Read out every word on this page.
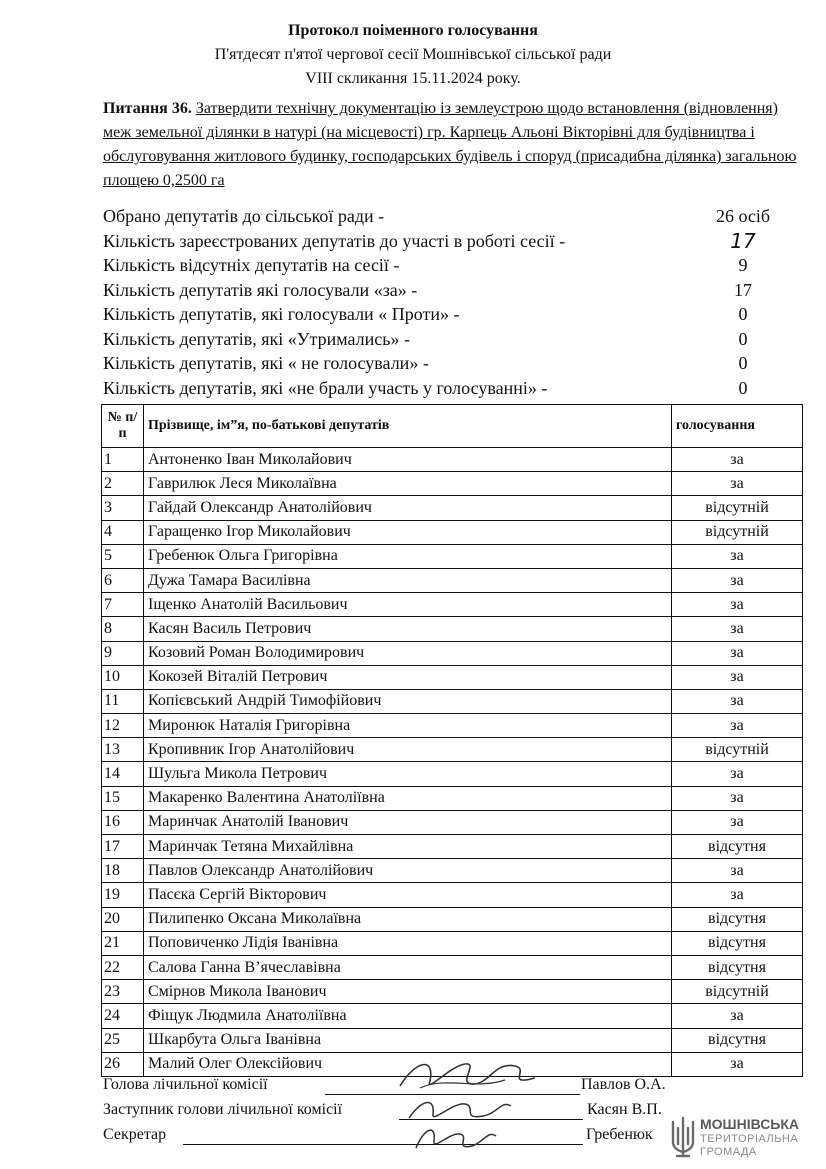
Протокол поіменного голосування
П'ятдесят п'ятої чергової сесії Мошнівської сільської ради
VIII скликання 15.11.2024 року.
Питання 36. Затвердити технічну документацію із землеустрою щодо встановлення (відновлення) меж земельної ділянки в натурі (на місцевості) гр. Карпець Альоні Вікторівні для будівництва і обслуговування житлового будинку, господарських будівель і споруд (присадибна ділянка) загальною площею 0,2500 га
Обрано депутатів до сільської ради -	26 осіб
Кількість зареєстрованих депутатів до участі в роботі сесії -	17
Кількість відсутніх депутатів на сесії -	9
Кількість депутатів які голосували «за» -	17
Кількість депутатів, які голосували « Проти» -	0
Кількість депутатів, які «Утримались» -	0
Кількість депутатів, які « не голосували» -	0
Кількість депутатів, які «не брали участь у голосуванні» -	0
№ п/п	Прізвище, ім”я, по-батькові депутатів	голосування
1	Антоненко Іван Миколайович	за
2	Гаврилюк Леся Миколаївна	за
3	Гайдай Олександр Анатолійович	відсутній
4	Гаращенко Ігор Миколайович	відсутній
5	Гребенюк Ольга Григорівна	за
6	Дужа Тамара Василівна	за
7	Іщенко Анатолій Васильович	за
8	Касян Василь Петрович	за
9	Козовий Роман Володимирович	за
10	Кокозей Віталій Петрович	за
11	Копієвський Андрій Тимофійович	за
12	Миронюк Наталія Григорівна	за
13	Кропивник Ігор Анатолійович	відсутній
14	Шульга Микола Петрович	за
15	Макаренко Валентина Анатоліївна	за
16	Маринчак Анатолій Іванович	за
17	Маринчак Тетяна Михайлівна	відсутня
18	Павлов Олександр Анатолійович	за
19	Пасєка Сергій Вікторович	за
20	Пилипенко Оксана Миколаївна	відсутня
21	Поповиченко Лідія Іванівна	відсутня
22	Салова Ганна В’ячеславівна	відсутня
23	Смірнов Микола Іванович	відсутній
24	Фіщук Людмила Анатоліївна	за
25	Шкарбута Ольга Іванівна	відсутня
26	Малий Олег Олексійович	за
Голова лічильної комісії	Павлов О.А.
Заступник голови лічильної комісії	Касян В.П.
Секретар	Гребенюк
МОШНІВСЬКА
ТЕРИТОРІАЛЬНА
ГРОМАДА
